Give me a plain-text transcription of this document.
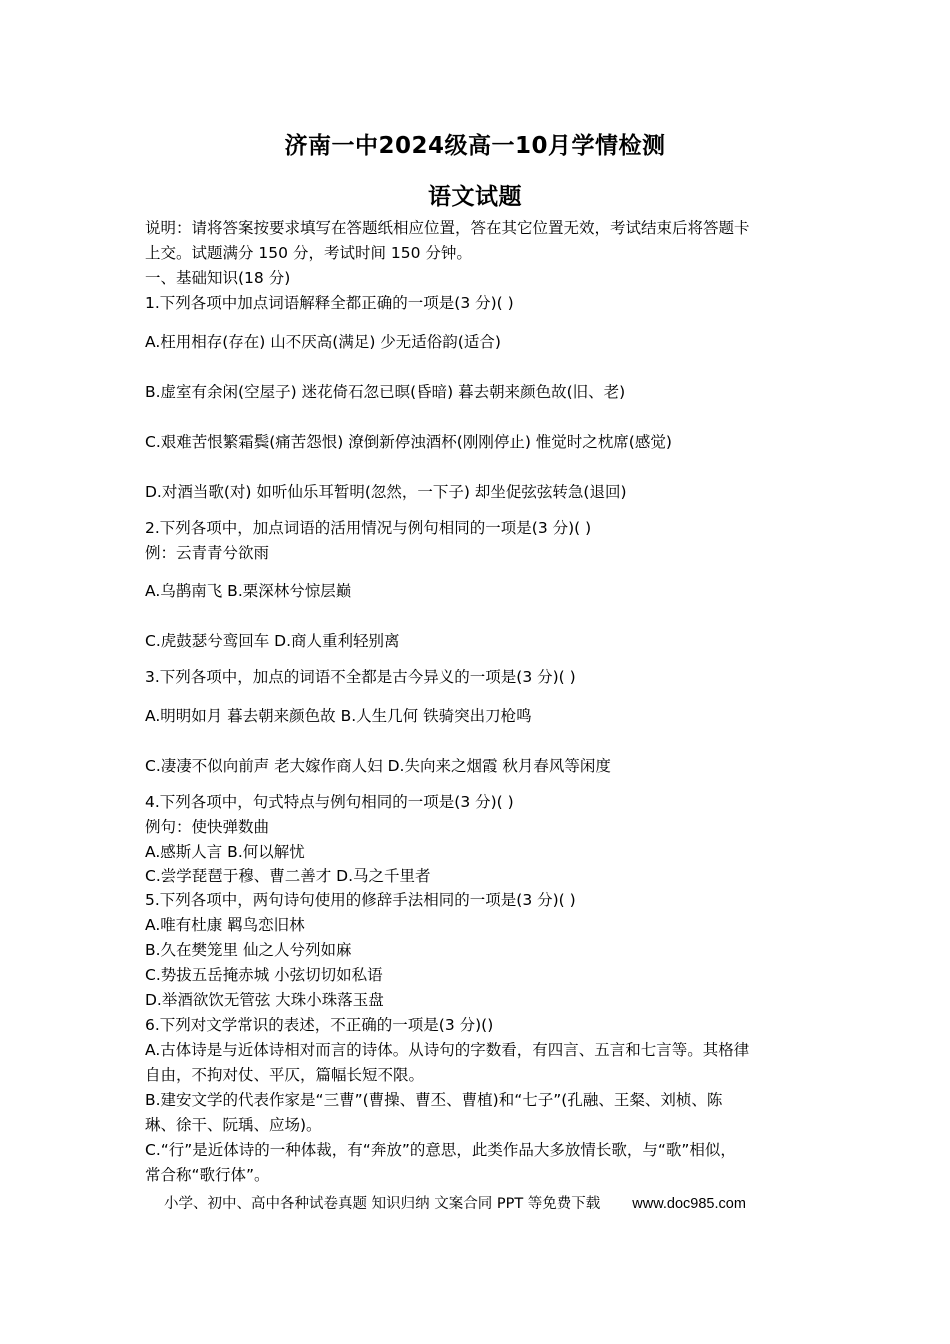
济南一中2024级高一10月学情检测
语文试题
说明：请将答案按要求填写在答题纸相应位置，答在其它位置无效，考试结束后将答题卡
上交。试题满分 150 分，考试时间 150 分钟。
一、基础知识(18 分)
1.下列各项中加点词语解释全都正确的一项是(3 分)( )
A.枉用相存(存在) 山不厌高(满足) 少无适俗韵(适合)
B.虚室有余闲(空屋子) 迷花倚石忽已暝(昏暗) 暮去朝来颜色故(旧、老)
C.艰难苦恨繁霜鬓(痛苦怨恨) 潦倒新停浊酒杯(刚刚停止) 惟觉时之枕席(感觉)
D.对酒当歌(对) 如听仙乐耳暂明(忽然，一下子) 却坐促弦弦转急(退回)
2.下列各项中，加点词语的活用情况与例句相同的一项是(3 分)( )
例：云青青兮欲雨
A.乌鹊南飞 B.栗深林兮惊层巅
C.虎鼓瑟兮鸾回车 D.商人重利轻别离
3.下列各项中，加点的词语不全都是古今异义的一项是(3 分)( )
A.明明如月 暮去朝来颜色故 B.人生几何 铁骑突出刀枪鸣
C.凄凄不似向前声 老大嫁作商人妇 D.失向来之烟霞 秋月春风等闲度
4.下列各项中，句式特点与例句相同的一项是(3 分)( )
例句：使快弹数曲
A.感斯人言 B.何以解忧
C.尝学琵琶于穆、曹二善才 D.马之千里者
5.下列各项中，两句诗句使用的修辞手法相同的一项是(3 分)( )
A.唯有杜康 羁鸟恋旧林
B.久在樊笼里 仙之人兮列如麻
C.势拔五岳掩赤城 小弦切切如私语
D.举酒欲饮无管弦 大珠小珠落玉盘
6.下列对文学常识的表述，不正确的一项是(3 分)()
A.古体诗是与近体诗相对而言的诗体。从诗句的字数看，有四言、五言和七言等。其格律
自由，不拘对仗、平仄，篇幅长短不限。
B.建安文学的代表作家是“三曹”(曹操、曹丕、曹植)和“七子”(孔融、王粲、刘桢、陈
琳、徐干、阮瑀、应场)。
C.“行”是近体诗的一种体裁，有“奔放”的意思，此类作品大多放情长歌，与“歌”相似，
常合称“歌行体”。
小学、初中、高中各种试卷真题 知识归纳 文案合同 PPT 等免费下载 www.doc985.com
